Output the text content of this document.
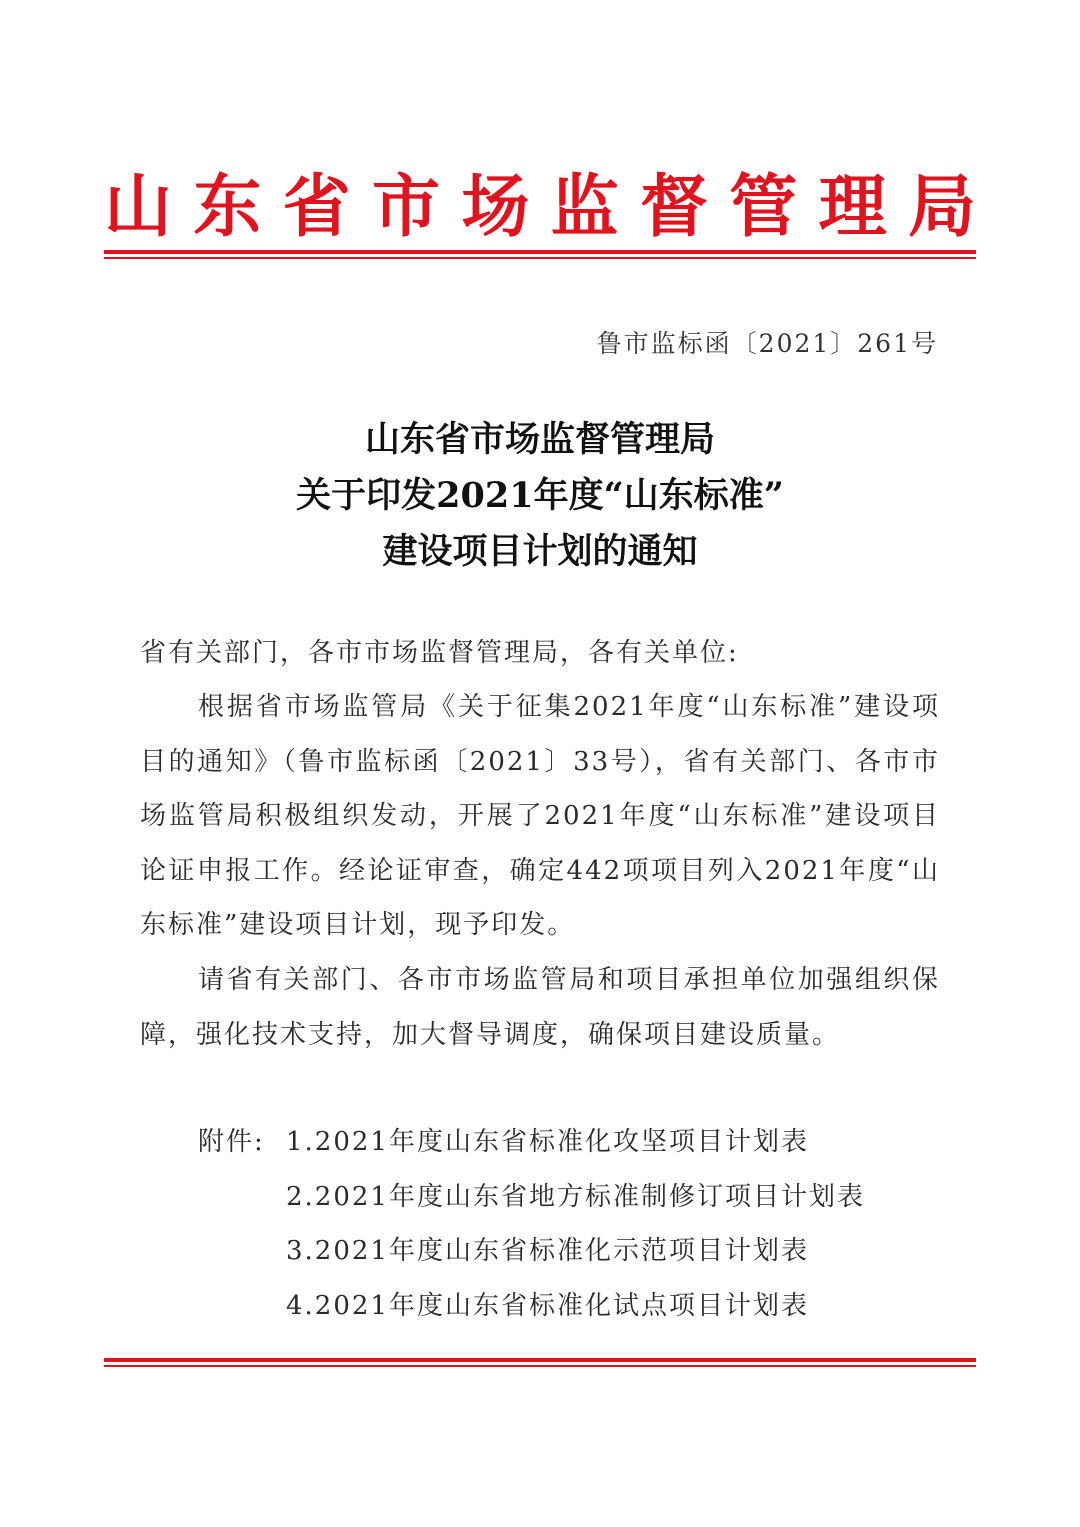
山 东 省 市 场 监 督 管 理 局
鲁市监标函〔2021〕261号
山东省市场监督管理局
关于印发2021年度“山东标准”
建设项目计划的通知
省有关部门，各市市场监督管理局，各有关单位:
根据省市场监管局《关于征集2021年度“山东标准”建设项目的通知》（鲁市监标函〔2021〕33号），省有关部门、各市市场监管局积极组织发动，开展了2021年度“山东标准”建设项目论证申报工作。经论证审查，确定442项项目列入2021年度“山东标准”建设项目计划，现予印发。
请省有关部门、各市市场监管局和项目承担单位加强组织保障，强化技术支持，加大督导调度，确保项目建设质量。
附件: 1.2021年度山东省标准化攻坚项目计划表
2.2021年度山东省地方标准制修订项目计划表
3.2021年度山东省标准化示范项目计划表
4.2021年度山东省标准化试点项目计划表
